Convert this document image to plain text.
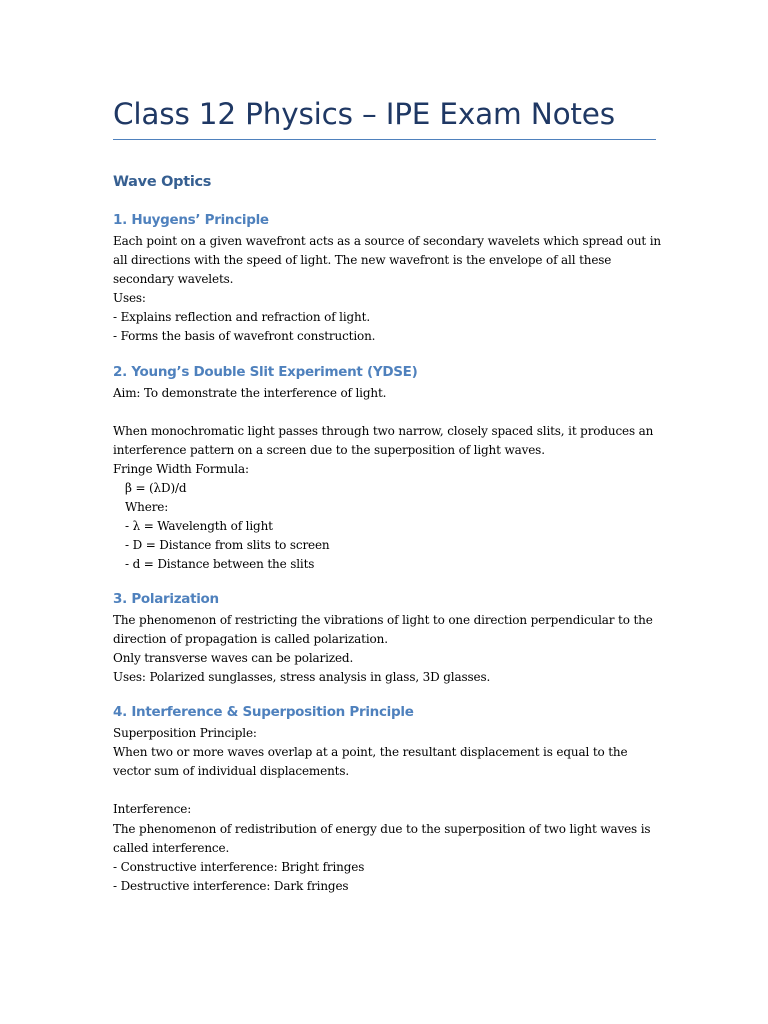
Class 12 Physics – IPE Exam Notes
Wave Optics
1. Huygens’ Principle

Each point on a given wavefront acts as a source of secondary wavelets which spread out in

all directions with the speed of light. The new wavefront is the envelope of all these

secondary wavelets.

Uses:

- Explains reflection and refraction of light.

- Forms the basis of wavefront construction.

2. Young’s Double Slit Experiment (YDSE)

Aim: To demonstrate the interference of light.

When monochromatic light passes through two narrow, closely spaced slits, it produces an

interference pattern on a screen due to the superposition of light waves.

Fringe Width Formula:

β = (λD)/d

Where:

- λ = Wavelength of light

- D = Distance from slits to screen

- d = Distance between the slits

3. Polarization

The phenomenon of restricting the vibrations of light to one direction perpendicular to the

direction of propagation is called polarization.

Only transverse waves can be polarized.

Uses: Polarized sunglasses, stress analysis in glass, 3D glasses.

4. Interference & Superposition Principle

Superposition Principle:

When two or more waves overlap at a point, the resultant displacement is equal to the

vector sum of individual displacements.

Interference:

The phenomenon of redistribution of energy due to the superposition of two light waves is

called interference.

- Constructive interference: Bright fringes

- Destructive interference: Dark fringes
